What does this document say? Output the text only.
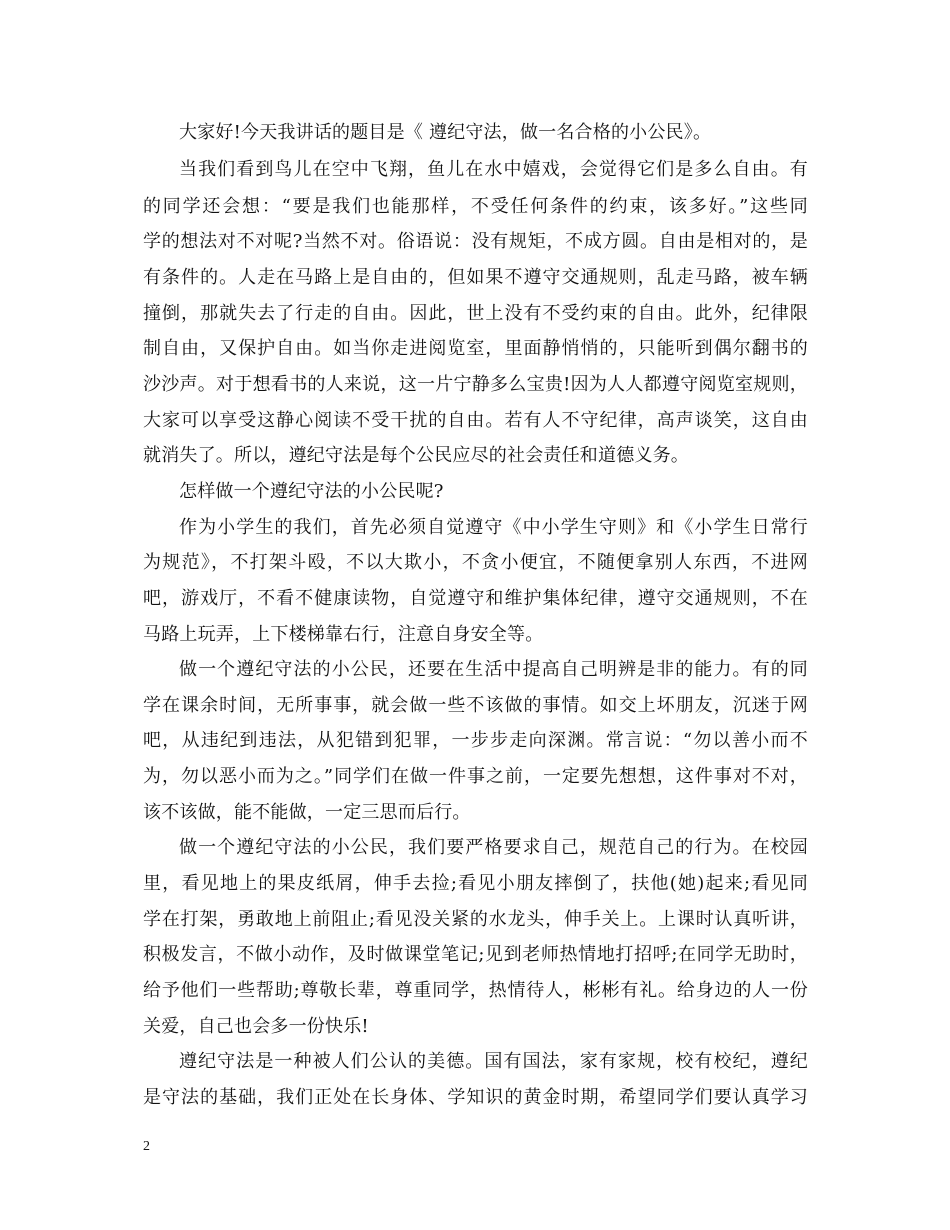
大家好!今天我讲话的题目是《 遵纪守法，做一名合格的小公民》。
当我们看到鸟儿在空中飞翔，鱼儿在水中嬉戏，会觉得它们是多么自由。有
的同学还会想：“要是我们也能那样，不受任何条件的约束，该多好。”这些同
学的想法对不对呢?当然不对。俗语说：没有规矩，不成方圆。自由是相对的，是
有条件的。人走在马路上是自由的，但如果不遵守交通规则，乱走马路，被车辆
撞倒，那就失去了行走的自由。因此，世上没有不受约束的自由。此外，纪律限
制自由，又保护自由。如当你走进阅览室，里面静悄悄的，只能听到偶尔翻书的
沙沙声。对于想看书的人来说，这一片宁静多么宝贵!因为人人都遵守阅览室规则，
大家可以享受这静心阅读不受干扰的自由。若有人不守纪律，高声谈笑，这自由
就消失了。所以，遵纪守法是每个公民应尽的社会责任和道德义务。
怎样做一个遵纪守法的小公民呢?
作为小学生的我们，首先必须自觉遵守《中小学生守则》和《小学生日常行
为规范》，不打架斗殴，不以大欺小，不贪小便宜，不随便拿别人东西，不进网
吧，游戏厅，不看不健康读物，自觉遵守和维护集体纪律，遵守交通规则，不在
马路上玩弄，上下楼梯靠右行，注意自身安全等。
做一个遵纪守法的小公民，还要在生活中提高自己明辨是非的能力。有的同
学在课余时间，无所事事，就会做一些不该做的事情。如交上坏朋友，沉迷于网
吧，从违纪到违法，从犯错到犯罪，一步步走向深渊。常言说：“勿以善小而不
为，勿以恶小而为之。”同学们在做一件事之前，一定要先想想，这件事对不对，
该不该做，能不能做，一定三思而后行。
做一个遵纪守法的小公民，我们要严格要求自己，规范自己的行为。在校园
里，看见地上的果皮纸屑，伸手去捡;看见小朋友摔倒了，扶他(她)起来;看见同
学在打架，勇敢地上前阻止;看见没关紧的水龙头，伸手关上。上课时认真听讲，
积极发言，不做小动作，及时做课堂笔记;见到老师热情地打招呼;在同学无助时，
给予他们一些帮助;尊敬长辈，尊重同学，热情待人，彬彬有礼。给身边的人一份
关爱，自己也会多一份快乐!
遵纪守法是一种被人们公认的美德。国有国法，家有家规，校有校纪，遵纪
是守法的基础，我们正处在长身体、学知识的黄金时期，希望同学们要认真学习
2
